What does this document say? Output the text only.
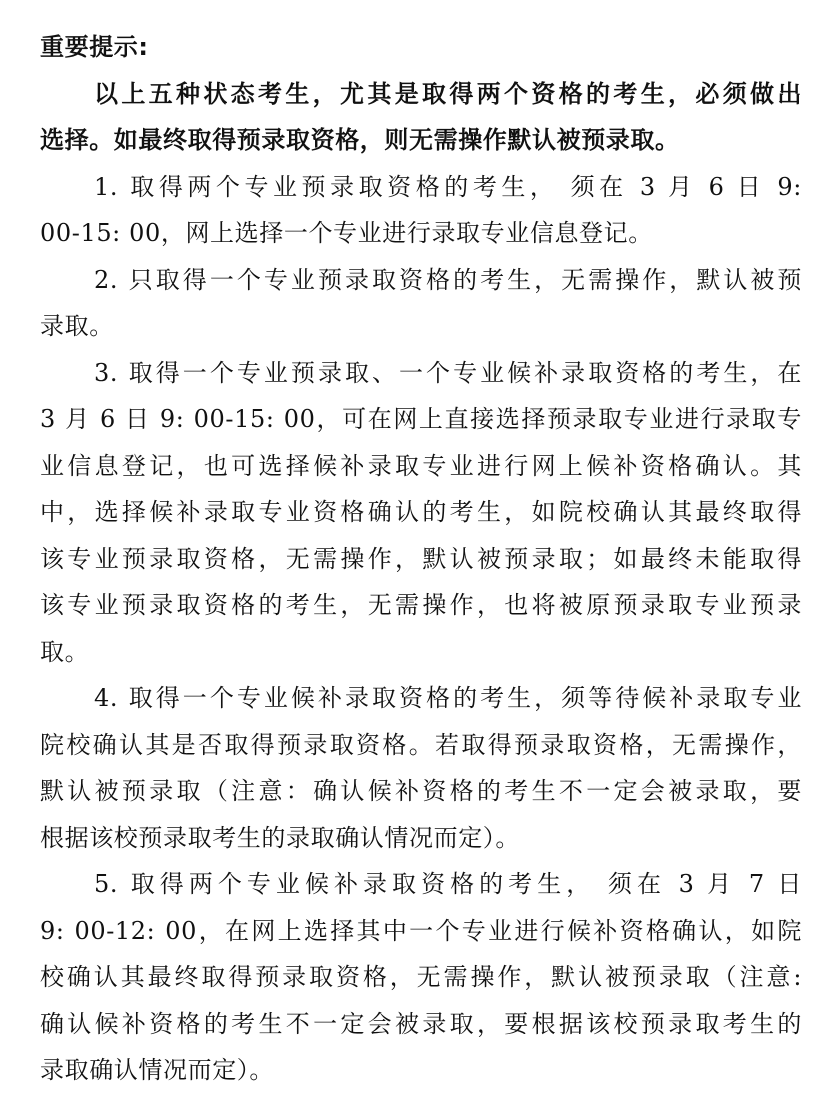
重要提示:
以上五种状态考生，尤其是取得两个资格的考生，必须做出
选择。如最终取得预录取资格，则无需操作默认被预录取。
1. 取得两个专业预录取资格的考生， 须在 3 月 6 日 9:
00-15: 00，网上选择一个专业进行录取专业信息登记。
2. 只取得一个专业预录取资格的考生，无需操作，默认被预
录取。
3. 取得一个专业预录取、一个专业候补录取资格的考生，在
3 月 6 日 9: 00-15: 00，可在网上直接选择预录取专业进行录取专
业信息登记，也可选择候补录取专业进行网上候补资格确认。其
中，选择候补录取专业资格确认的考生，如院校确认其最终取得
该专业预录取资格，无需操作，默认被预录取；如最终未能取得
该专业预录取资格的考生，无需操作，也将被原预录取专业预录
取。
4. 取得一个专业候补录取资格的考生，须等待候补录取专业
院校确认其是否取得预录取资格。若取得预录取资格，无需操作，
默认被预录取（注意：确认候补资格的考生不一定会被录取，要
根据该校预录取考生的录取确认情况而定）。
5. 取得两个专业候补录取资格的考生， 须在 3 月 7 日
9: 00-12: 00，在网上选择其中一个专业进行候补资格确认，如院
校确认其最终取得预录取资格，无需操作，默认被预录取（注意:
确认候补资格的考生不一定会被录取，要根据该校预录取考生的
录取确认情况而定）。
